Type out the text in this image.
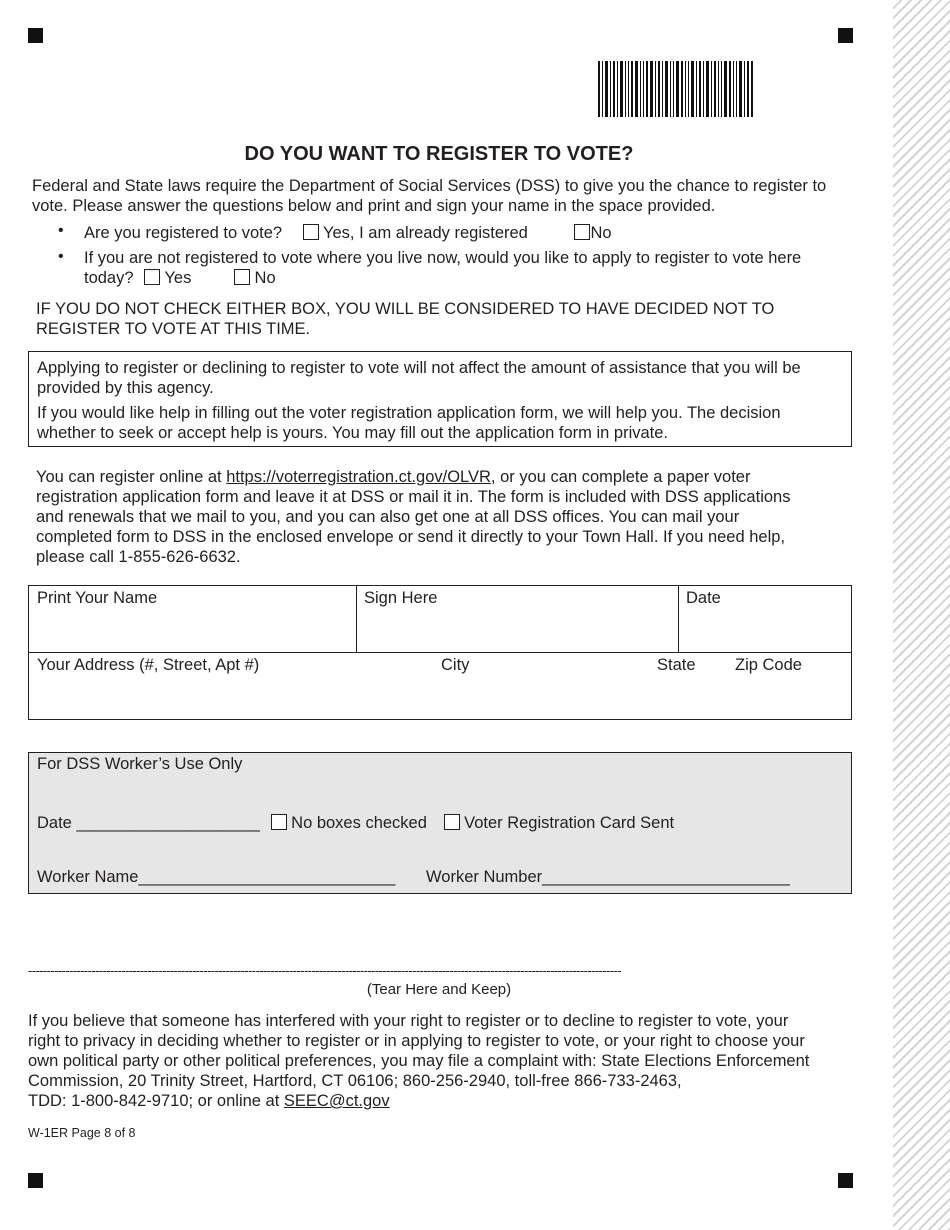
DO YOU WANT TO REGISTER TO VOTE?
Federal and State laws require the Department of Social Services (DSS) to give you the chance to register to
vote. Please answer the questions below and print and sign your name in the space provided.
• Are you registered to vote? Yes, I am already registered	No
• If you are not registered to vote where you live now, would you like to apply to register to vote here
today? Yes	No
IF YOU DO NOT CHECK EITHER BOX, YOU WILL BE CONSIDERED TO HAVE DECIDED NOT TO
REGISTER TO VOTE AT THIS TIME.
Applying to register or declining to register to vote will not affect the amount of assistance that you will be
provided by this agency.
If you would like help in filling out the voter registration application form, we will help you. The decision
whether to seek or accept help is yours. You may fill out the application form in private.
You can register online at https://voterregistration.ct.gov/OLVR, or you can complete a paper voter
registration application form and leave it at DSS or mail it in. The form is included with DSS applications
and renewals that we mail to you, and you can also get one at all DSS offices. You can mail your
completed form to DSS in the enclosed envelope or send it directly to your Town Hall. If you need help,
please call 1-855-626-6632.
Print Your Name	Sign Here	Date
Your Address (#, Street, Apt #)	City	State Zip Code
For DSS Worker’s Use Only
Date ____________________ No boxes checked Voter Registration Card Sent
Worker Name____________________________ Worker Number___________________________
---------------------------------------------------------------------------------------------------------------------------------------------------------------
(Tear Here and Keep)
If you believe that someone has interfered with your right to register or to decline to register to vote, your
right to privacy in deciding whether to register or in applying to register to vote, or your right to choose your
own political party or other political preferences, you may file a complaint with: State Elections Enforcement
Commission, 20 Trinity Street, Hartford, CT 06106; 860-256-2940, toll-free 866-733-2463,
TDD: 1-800-842-9710; or online at SEEC@ct.gov
W-1ER Page 8 of 8
